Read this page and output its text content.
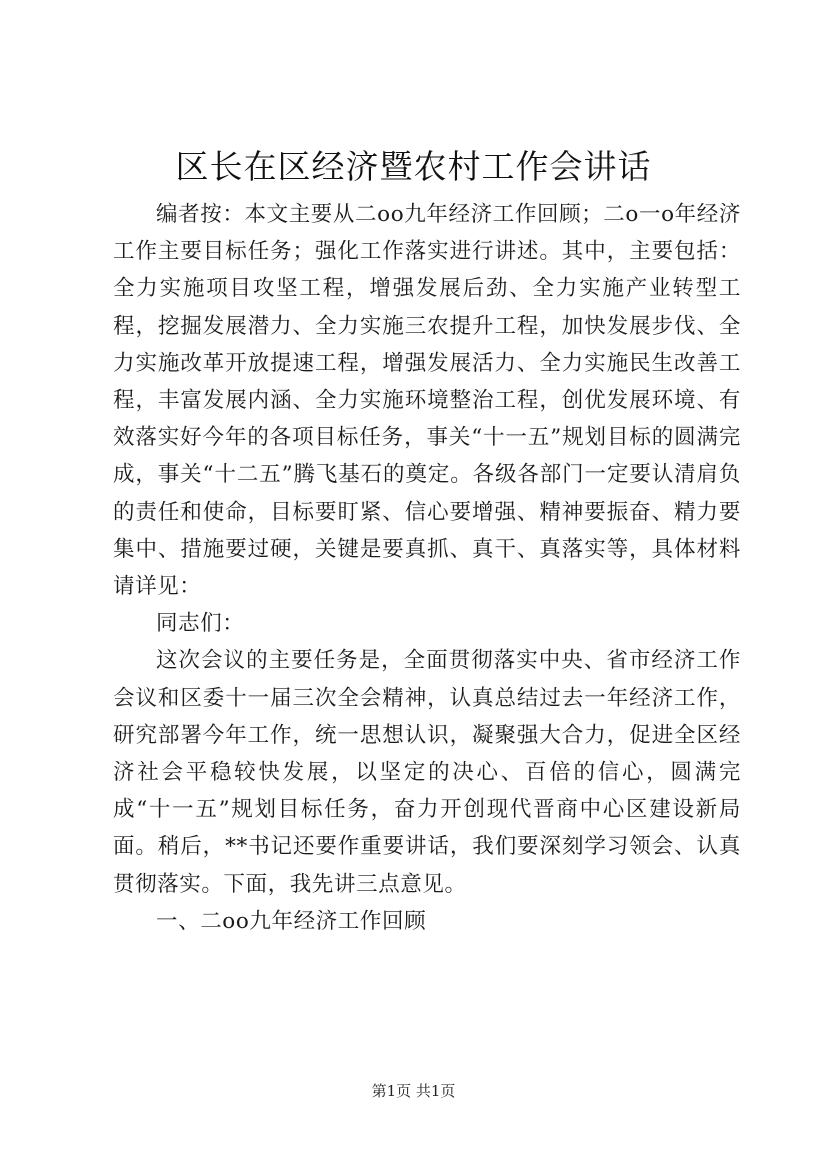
区长在区经济暨农村工作会讲话

编者按：本文主要从二oo九年经济工作回顾；二o一o年经济工作主要目标任务；强化工作落实进行讲述。其中，主要包括：全力实施项目攻坚工程，增强发展后劲、全力实施产业转型工程，挖掘发展潜力、全力实施三农提升工程，加快发展步伐、全力实施改革开放提速工程，增强发展活力、全力实施民生改善工程，丰富发展内涵、全力实施环境整治工程，创优发展环境、有效落实好今年的各项目标任务，事关“十一五”规划目标的圆满完成，事关“十二五”腾飞基石的奠定。各级各部门一定要认清肩负的责任和使命，目标要盯紧、信心要增强、精神要振奋、精力要集中、措施要过硬，关键是要真抓、真干、真落实等，具体材料请详见：

同志们：

这次会议的主要任务是，全面贯彻落实中央、省市经济工作会议和区委十一届三次全会精神，认真总结过去一年经济工作，研究部署今年工作，统一思想认识，凝聚强大合力，促进全区经济社会平稳较快发展，以坚定的决心、百倍的信心，圆满完成“十一五”规划目标任务，奋力开创现代晋商中心区建设新局面。稍后，**书记还要作重要讲话，我们要深刻学习领会、认真贯彻落实。下面，我先讲三点意见。

一、二oo九年经济工作回顾

第1页 共1页
